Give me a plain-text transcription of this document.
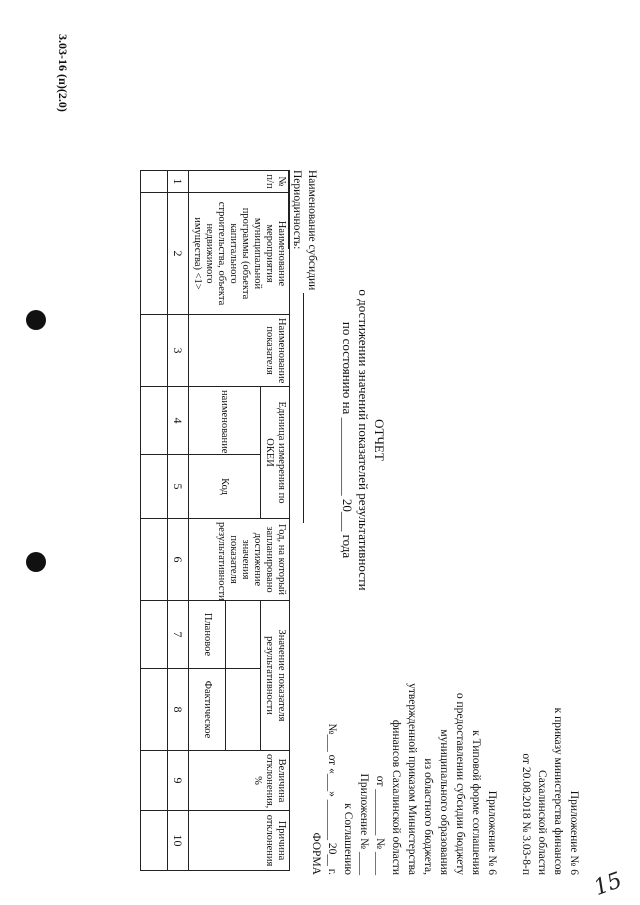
Приложение № 6
к приказу министерства финансов
Сахалинской области
от 20.08.2018 № 3.03-8-п
Приложение № 6
к Типовой форме соглашения
о предоставлении субсидии бюджету
муниципального образования
из областного бюджета,
утвержденной приказом Министерства
финансов Сахалинской области
от ________ № ____
Приложение № ____
к Соглашению
№___ от «___» _______ 20__ г.
ФОРМА
ОТЧЕТ
о достижении значений показателей результативности
по состоянию на ____________ 20___ года
Наименование субсидии
Периодичность:
№ п/п	Наименование мероприятия муниципальной программы (объекта капитального строительства, объекта недвижимого имущества) <1>	Наименование показателя	Единица измерения по ОКЕИ		Год, на который запланировано достижение значения показателя результативности	Значение показателя результативности		Величина отклонения, %	Причина отклонения
			наименование	Код					
						Плановое	Фактическое		
1	2	3	4	5	6	7	8	9	10

3.03-16 (п)(2.0)
15
